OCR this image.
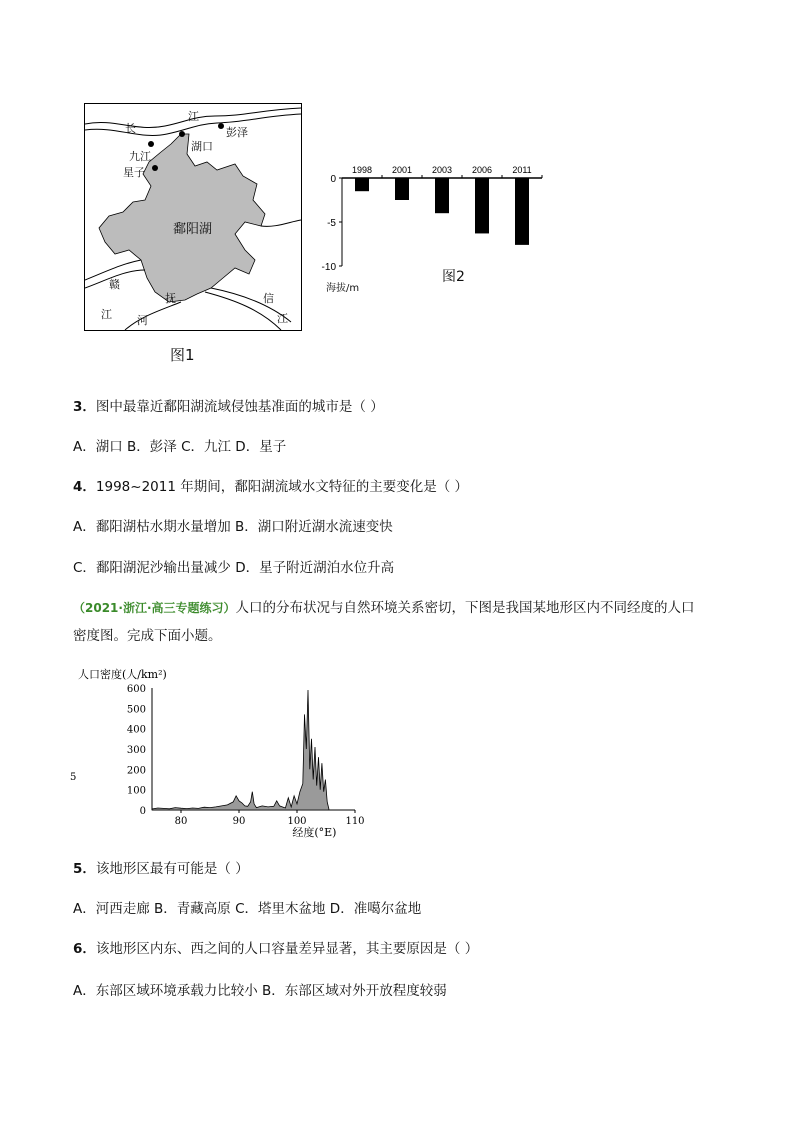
长
江
彭泽
湖口
九江
星子
鄱阳湖
赣
江 河
抚	信
江
图1
0
-5
-10
1998 2001 2003 2006 2011
海拔/m
图2
3．图中最靠近鄱阳湖流域侵蚀基准面的城市是（ ）
A．湖口 B．彭泽 C．九江 D．星子
4．1998~2011 年期间，鄱阳湖流域水文特征的主要变化是（ ）
A．鄱阳湖枯水期水量增加 B．湖口附近湖水流速变快
C．鄱阳湖泥沙输出量减少 D．星子附近湖泊水位升高
（2021·浙江·高三专题练习）人口的分布状况与自然环境关系密切，下图是我国某地形区内不同经度的人口
密度图。完成下面小题。
人口密度(人/km²)
5
0
100
200
300
400
500
600
80	90	100	110
经度(°E)
5．该地形区最有可能是（ ）
A．河西走廊 B．青藏高原 C．塔里木盆地 D．准噶尔盆地
6．该地形区内东、西之间的人口容量差异显著，其主要原因是（ ）
A．东部区域环境承载力比较小 B．东部区域对外开放程度较弱
